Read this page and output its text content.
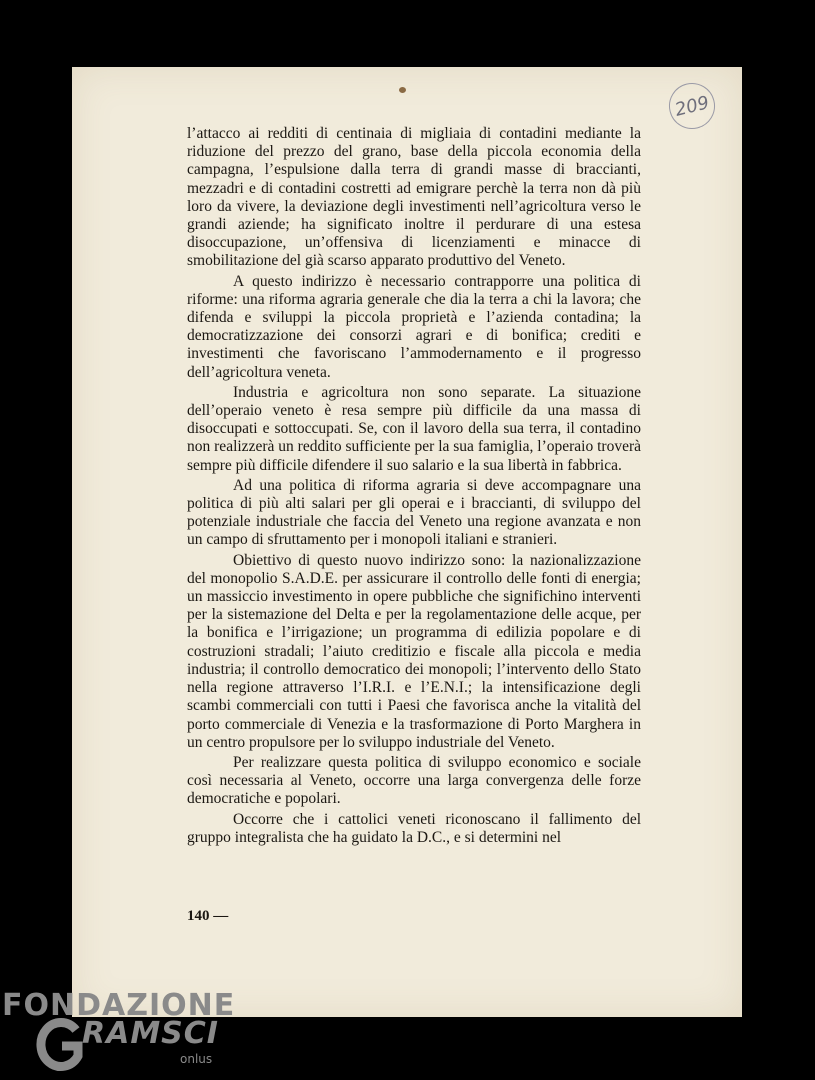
209

l’attacco ai redditi di centinaia di migliaia di contadini mediante la riduzione del prezzo del grano, base della piccola economia della campagna, l’espulsione dalla terra di grandi masse di braccianti, mezzadri e di contadini costretti ad emigrare perchè la terra non dà più loro da vivere, la deviazione degli investimenti nell’agricoltura verso le grandi aziende; ha significato inoltre il perdurare di una estesa disoccupazione, un’offensiva di licenziamenti e minacce di smobilitazione del già scarso apparato produttivo del Veneto.

A questo indirizzo è necessario contrapporre una politica di riforme: una riforma agraria generale che dia la terra a chi la lavora; che difenda e sviluppi la piccola proprietà e l’azienda contadina; la democratizzazione dei consorzi agrari e di bonifica; crediti e investimenti che favoriscano l’ammodernamento e il progresso dell’agricoltura veneta.

Industria e agricoltura non sono separate. La situazione dell’operaio veneto è resa sempre più difficile da una massa di disoccupati e sottoccupati. Se, con il lavoro della sua terra, il contadino non realizzerà un reddito sufficiente per la sua famiglia, l’operaio troverà sempre più difficile difendere il suo salario e la sua libertà in fabbrica.

Ad una politica di riforma agraria si deve accompagnare una politica di più alti salari per gli operai e i braccianti, di sviluppo del potenziale industriale che faccia del Veneto una regione avanzata e non un campo di sfruttamento per i monopoli italiani e stranieri.

Obiettivo di questo nuovo indirizzo sono: la nazionalizzazione del monopolio S.A.D.E. per assicurare il controllo delle fonti di energia; un massiccio investimento in opere pubbliche che significhino interventi per la sistemazione del Delta e per la regolamentazione delle acque, per la bonifica e l’irrigazione; un programma di edilizia popolare e di costruzioni stradali; l’aiuto creditizio e fiscale alla piccola e media industria; il controllo democratico dei monopoli; l’intervento dello Stato nella regione attraverso l’I.R.I. e l’E.N.I.; la intensificazione degli scambi commerciali con tutti i Paesi che favorisca anche la vitalità del porto commerciale di Venezia e la trasformazione di Porto Marghera in un centro propulsore per lo sviluppo industriale del Veneto.

Per realizzare questa politica di sviluppo economico e sociale così necessaria al Veneto, occorre una larga convergenza delle forze democratiche e popolari.

Occorre che i cattolici veneti riconoscano il fallimento del gruppo integralista che ha guidato la D.C., e si determini nel

140 —
FONDAZIONE
RAMSCI
onlus
